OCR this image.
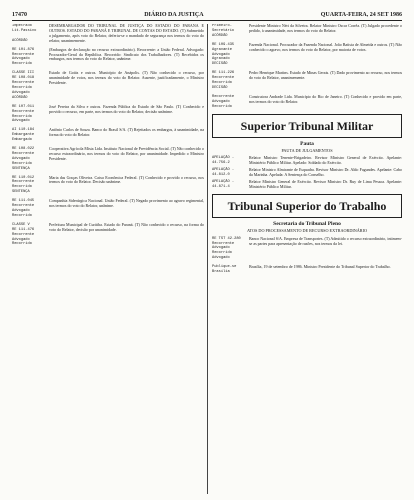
17470	DIÁRIO DA JUSTIÇA	QUARTA-FEIRA, 24 SET 1986
Impetrado
Lit.Passivo

ACÓRDÃO
DESEMBARGADOR DO TRIBUNAL DE JUSTIÇA DO ESTADO DO PARANÁ E OUTROS. ESTADO DO PARANÁ E TRIBUNAL DE CONTAS DO ESTADO. (T) Submetido a julgamento, após voto do Relator, deferiu-se o mandado de segurança nos termos do voto do relator, unanimemente.
RE 101.876
Recorrente
Advogado
Recorrido
(Embargos de declaração no recurso extraordinário). Recorrente: a União Federal. Advogado: Procurador-Geral da República. Recorrido: Sindicato dos Trabalhadores. (T) Recebidos os embargos, nos termos do voto do Relator, unânime.
CLASSE III
RE 108.018
Recorrente
Recorrido
Advogado
ACÓRDÃO
Estado de Goiás e outros. Município de Anápolis. (T) Não conhecido o recurso, por unanimidade de votos, nos termos do voto do Relator. Ausente, justificadamente, o Ministro Presidente.
RE 107.011
Recorrente
Recorrido
Advogado
José Pereira da Silva e outros. Fazenda Pública do Estado de São Paulo. (T) Conhecido e provido o recurso, em parte, nos termos do voto do Relator, decisão unânime.
AI 110.184
Embargante
Embargado
Antônio Carlos de Souza. Banco do Brasil S/A. (T) Rejeitados os embargos, à unanimidade, na forma do voto do Relator.
RE 108.022
Recorrente
Advogado
Recorrido
SENTENÇA
Cooperativa Agrícola Mista Ltda. Instituto Nacional de Previdência Social. (T) Não conhecido o recurso extraordinário, nos termos do voto do Relator, por unanimidade. Impedido o Ministro Presidente.
RE 110.012
Recorrente
Recorrido
SENTENÇA
Maria das Graças Oliveira. Caixa Econômica Federal. (T) Conhecido e provido o recurso, nos termos do voto do Relator. Decisão unânime.
RE 111.045
Recorrente
Advogado
Recorrido
Companhia Siderúrgica Nacional. União Federal. (T) Negado provimento ao agravo regimental, nos termos do voto do Relator, unânime.
CLASSE V
RE 111.476
Recorrente
Advogado
Recorrido
Prefeitura Municipal de Curitiba. Estado do Paraná. (T) Não conhecido o recurso, na forma do voto do Relator, decisão por unanimidade.
Primeiro-Secretário
ACÓRDÃO
Presidente Ministro Néri da Silveira. Relator Ministro Oscar Corrêa. (T) Julgado procedente o pedido, à unanimidade, nos termos do voto do Relator.
RE 109.435
Agravante
Advogado
Agravado
DECISÃO
Fazenda Nacional. Procurador da Fazenda Nacional. João Batista de Almeida e outros. (T) Não conhecido o agravo, nos termos do voto do Relator, por maioria de votos.
RE 111.226
Recorrente
Recorrido
DECISÃO
Pedro Henrique Martins. Estado de Minas Gerais. (T) Dado provimento ao recurso, nos termos do voto do Relator, unanimemente.
Recorrente
Advogado
Recorrido
Construtora Andrade Ltda. Município do Rio de Janeiro. (T) Conhecido e provido em parte, nos termos do voto do Relator.
Superior Tribunal Militar
Pauta
PAUTA DE JULGAMENTOS
APELAÇÃO - 44.756-2
Relator Ministro Tenente-Brigadeiro. Revisor Ministro General de Exército. Apelante: Ministério Público Militar. Apelado: Soldado do Exército.
APELAÇÃO - 44.812-0
Relator Ministro Almirante de Esquadra. Revisor Ministro Dr. Aldo Fagundes. Apelante: Cabo da Marinha. Apelada: A Sentença do Conselho.
APELAÇÃO - 44.871-4
Relator Ministro General de Exército. Revisor Ministro Dr. Ruy de Lima Pessoa. Apelante: Ministério Público Militar.
Tribunal Superior do Trabalho
Secretaria do Tribunal Pleno
ATOS DO PROCESSAMENTO DE RECURSO EXTRAORDINÁRIO
RE TST 42.280
Recorrente
Advogado
Recorrido
Advogado
Banco Nacional S/A. Empresa de Transportes. (T) Admitido o recurso extraordinário, intimem-se as partes para apresentação de razões, nos termos da lei.
Publique-se
Brasília
Brasília, 19 de setembro de 1986. Ministro Presidente do Tribunal Superior do Trabalho.
